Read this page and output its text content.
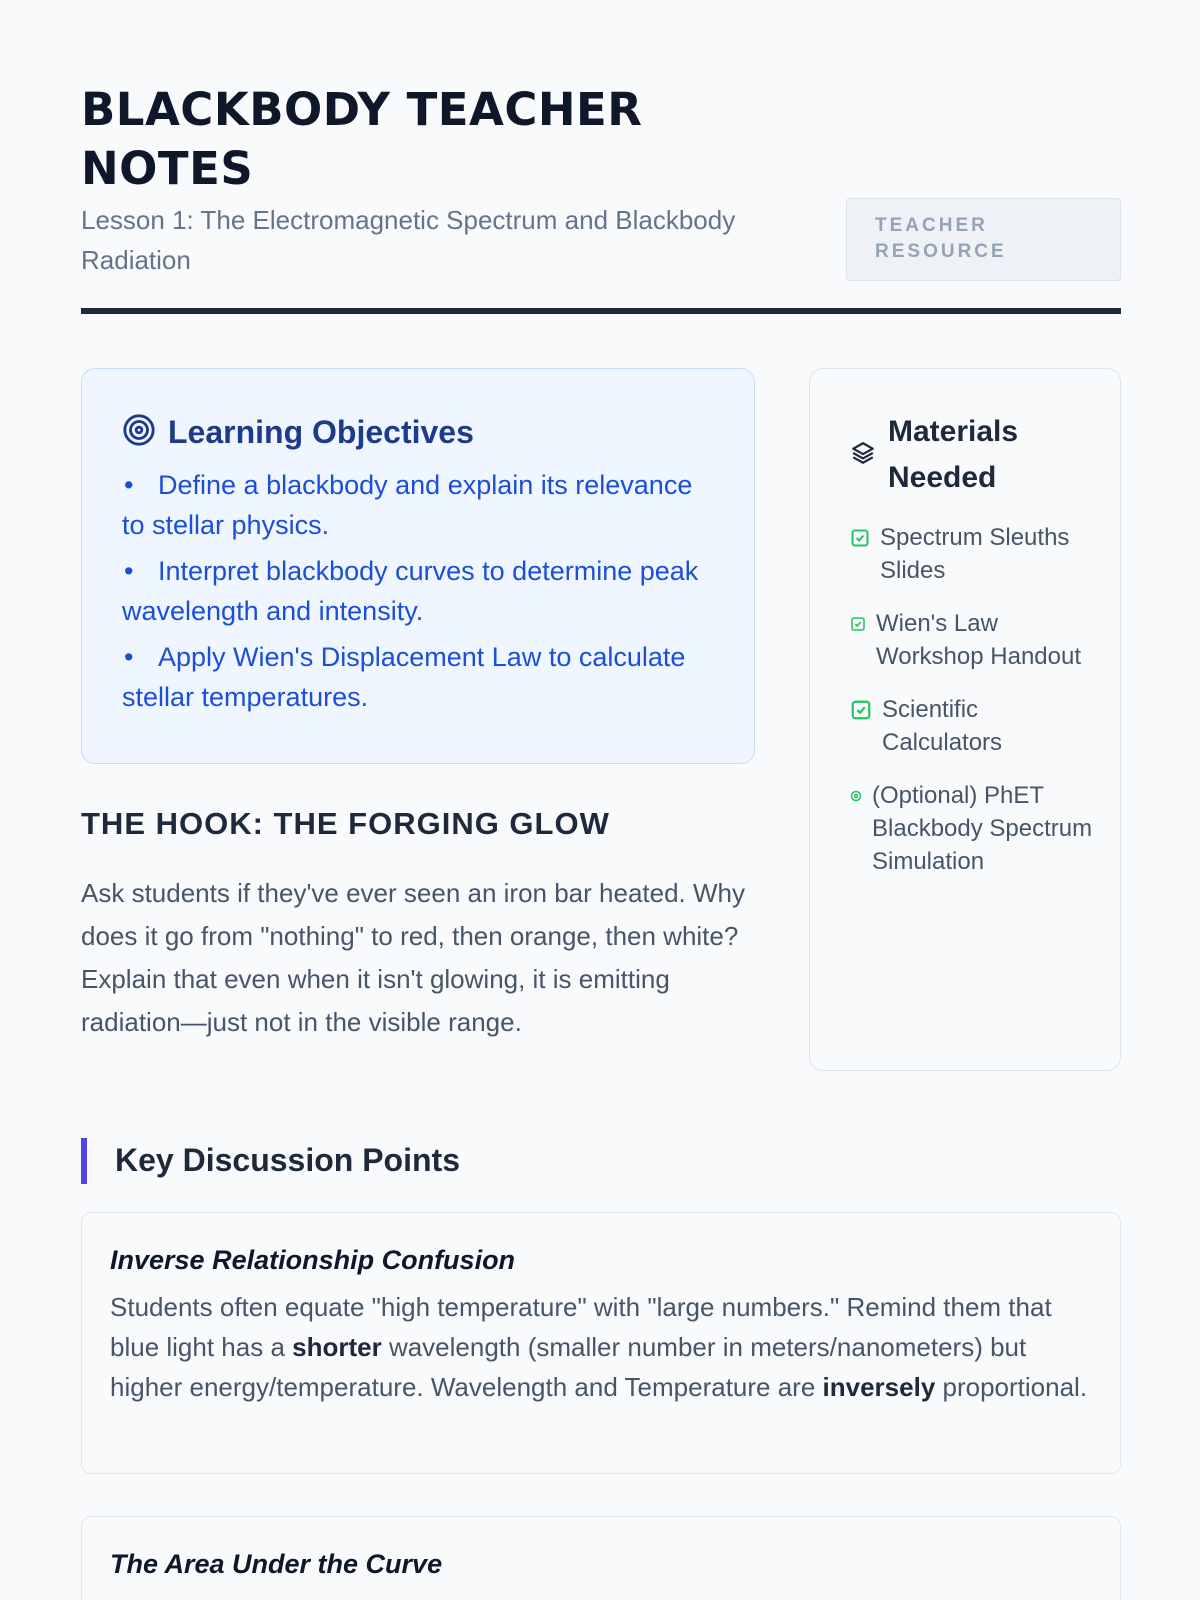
BLACKBODY TEACHER NOTES
Lesson 1: The Electromagnetic Spectrum and Blackbody Radiation
TEACHER RESOURCE
Learning Objectives
• Define a blackbody and explain its relevance to stellar physics.
• Interpret blackbody curves to determine peak wavelength and intensity.
• Apply Wien's Displacement Law to calculate stellar temperatures.
THE HOOK: THE FORGING GLOW

Ask students if they've ever seen an iron bar heated. Why does it go from "nothing" to red, then orange, then white? Explain that even when it isn't glowing, it is emitting radiation—just not in the visible range.

Materials Needed
Spectrum Sleuths Slides
Wien's Law Workshop Handout
Scientific Calculators
(Optional) PhET Blackbody Spectrum Simulation
Key Discussion Points
Inverse Relationship Confusion

Students often equate "high temperature" with "large numbers." Remind them that blue light has a shorter wavelength (smaller number in meters/nanometers) but higher energy/temperature. Wavelength and Temperature are inversely proportional.

The Area Under the Curve
